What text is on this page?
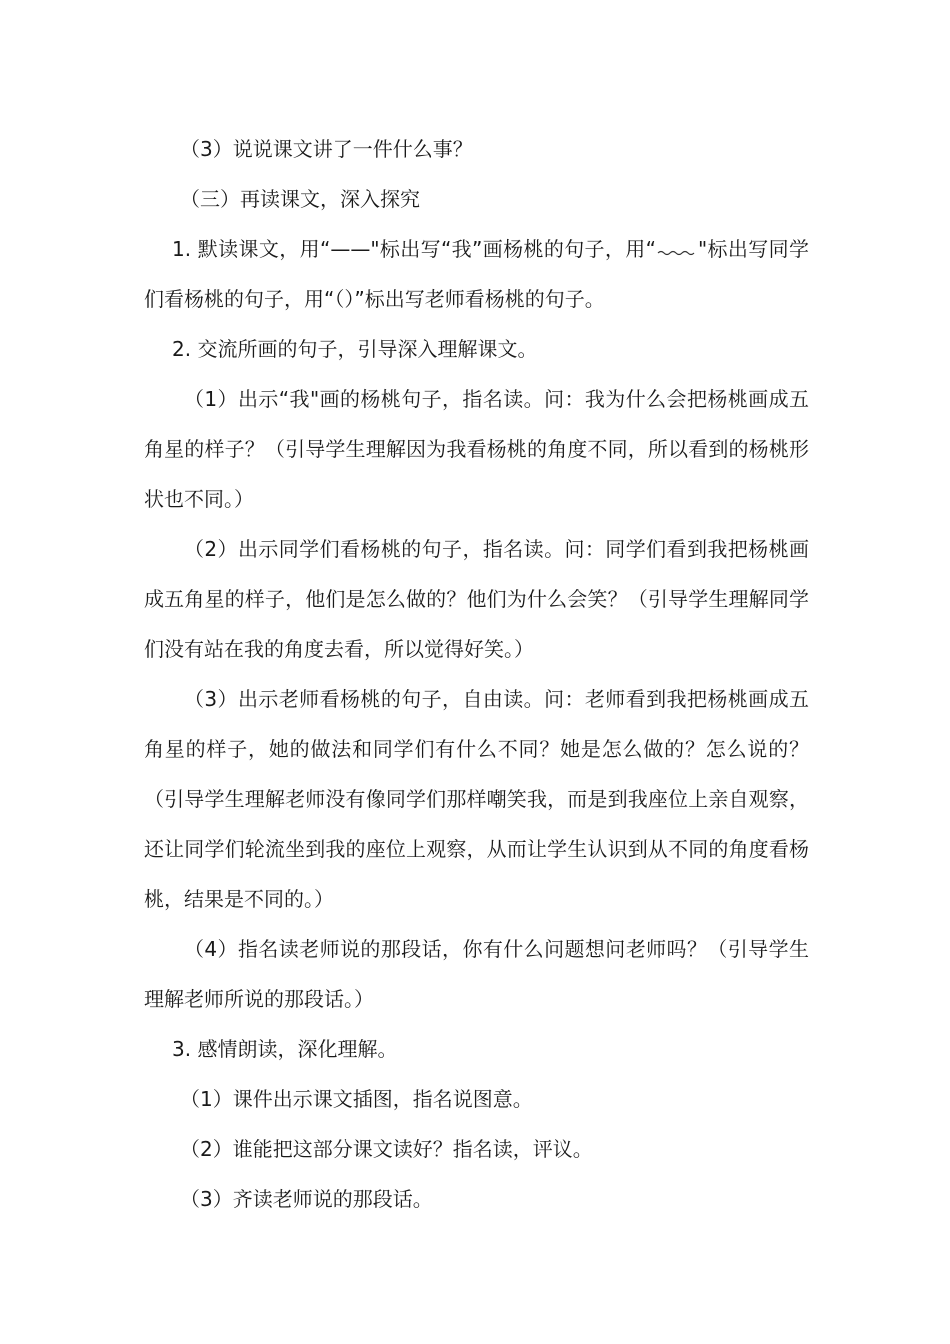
（3）说说课文讲了一件什么事？

（三）再读课文，深入探究

1. 默读课文，用“——"标出写“我”画杨桃的句子，用“ "标出写同学们看杨桃的句子，用“（）”标出写老师看杨桃的句子。

2. 交流所画的句子，引导深入理解课文。

（1）出示“我"画的杨桃句子，指名读。问：我为什么会把杨桃画成五角星的样子？（引导学生理解因为我看杨桃的角度不同，所以看到的杨桃形状也不同。）

（2）出示同学们看杨桃的句子，指名读。问：同学们看到我把杨桃画成五角星的样子，他们是怎么做的？他们为什么会笑？（引导学生理解同学们没有站在我的角度去看，所以觉得好笑。）

（3）出示老师看杨桃的句子，自由读。问：老师看到我把杨桃画成五角星的样子，她的做法和同学们有什么不同？她是怎么做的？怎么说的？（引导学生理解老师没有像同学们那样嘲笑我，而是到我座位上亲自观察，还让同学们轮流坐到我的座位上观察，从而让学生认识到从不同的角度看杨桃，结果是不同的。）

（4）指名读老师说的那段话，你有什么问题想问老师吗？（引导学生理解老师所说的那段话。）

3. 感情朗读，深化理解。

（1）课件出示课文插图，指名说图意。

（2）谁能把这部分课文读好？指名读，评议。

（3）齐读老师说的那段话。
